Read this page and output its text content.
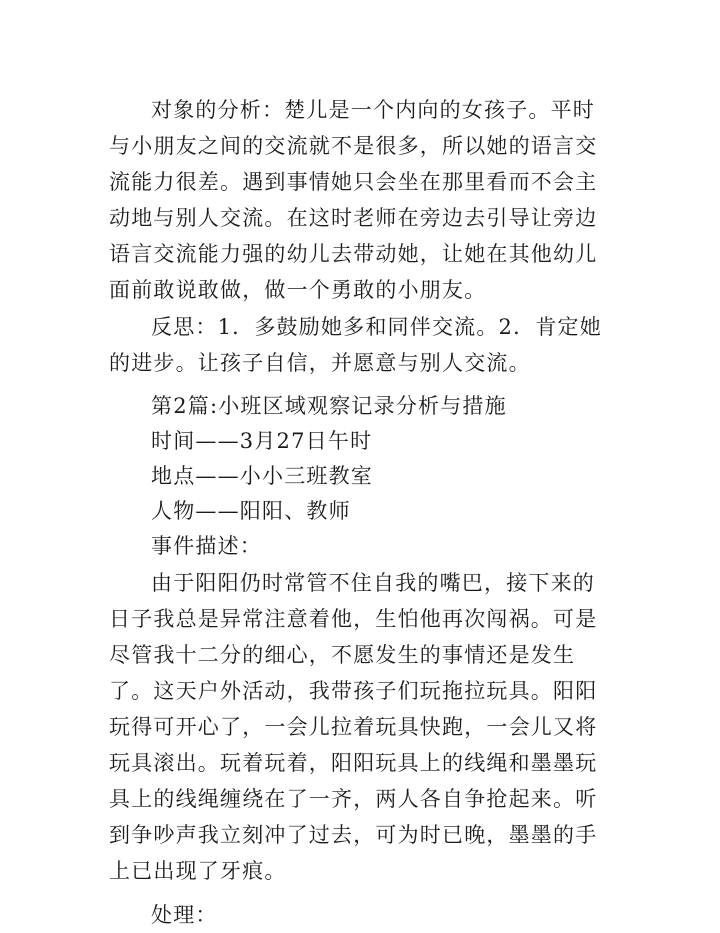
对象的分析：楚儿是一个内向的女孩子。平时与小朋友之间的交流就不是很多，所以她的语言交流能力很差。遇到事情她只会坐在那里看而不会主动地与别人交流。在这时老师在旁边去引导让旁边语言交流能力强的幼儿去带动她，让她在其他幼儿面前敢说敢做，做一个勇敢的小朋友。

反思：1．多鼓励她多和同伴交流。2．肯定她的进步。让孩子自信，并愿意与别人交流。

第2篇:小班区域观察记录分析与措施

时间——3月27日午时

地点——小小三班教室

人物——阳阳、教师

事件描述：

由于阳阳仍时常管不住自我的嘴巴，接下来的日子我总是异常注意着他，生怕他再次闯祸。可是尽管我十二分的细心，不愿发生的事情还是发生了。这天户外活动，我带孩子们玩拖拉玩具。阳阳玩得可开心了，一会儿拉着玩具快跑，一会儿又将玩具滚出。玩着玩着，阳阳玩具上的线绳和墨墨玩具上的线绳缠绕在了一齐，两人各自争抢起来。听到争吵声我立刻冲了过去，可为时已晚，墨墨的手上已出现了牙痕。

处理：
